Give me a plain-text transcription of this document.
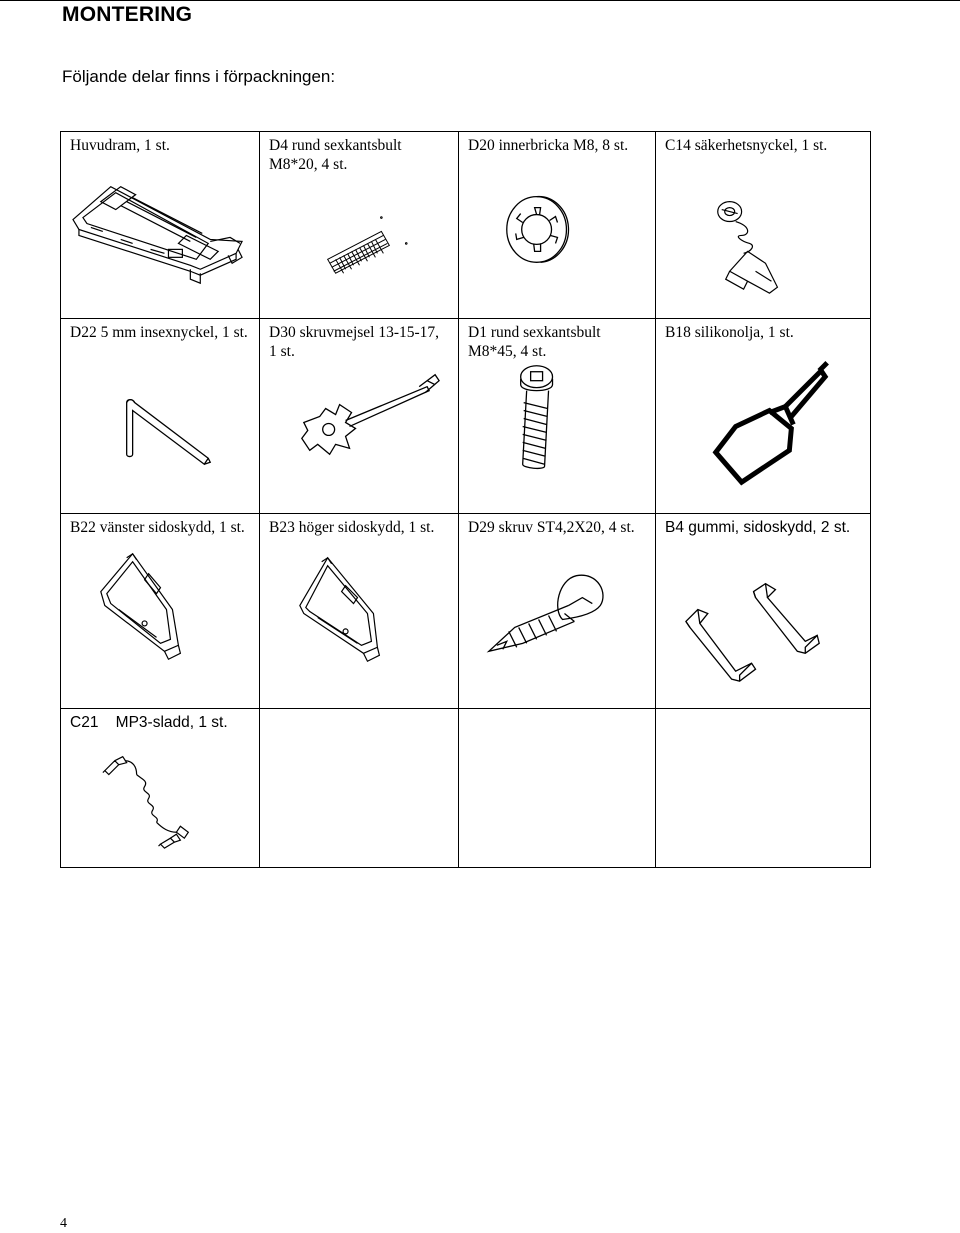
MONTERING
Följande delar finns i förpackningen:
Huvudram, 1 st.	D4 rund sexkantsbult M8*20, 4 st.	D20 innerbricka M8, 8 st.	C14 säkerhetsnyckel, 1 st.

D22 5 mm insexnyckel, 1 st.	D30 skruvmejsel 13-15-17, 1 st.	D1 rund sexkantsbult M8*45, 4 st.	B18 silikonolja, 1 st.

B22 vänster sidoskydd, 1 st.	B23 höger sidoskydd, 1 st.	D29 skruv ST4,2X20, 4 st.	B4 gummi, sidoskydd, 2 st.

C21    MP3-sladd, 1 st.			

4
